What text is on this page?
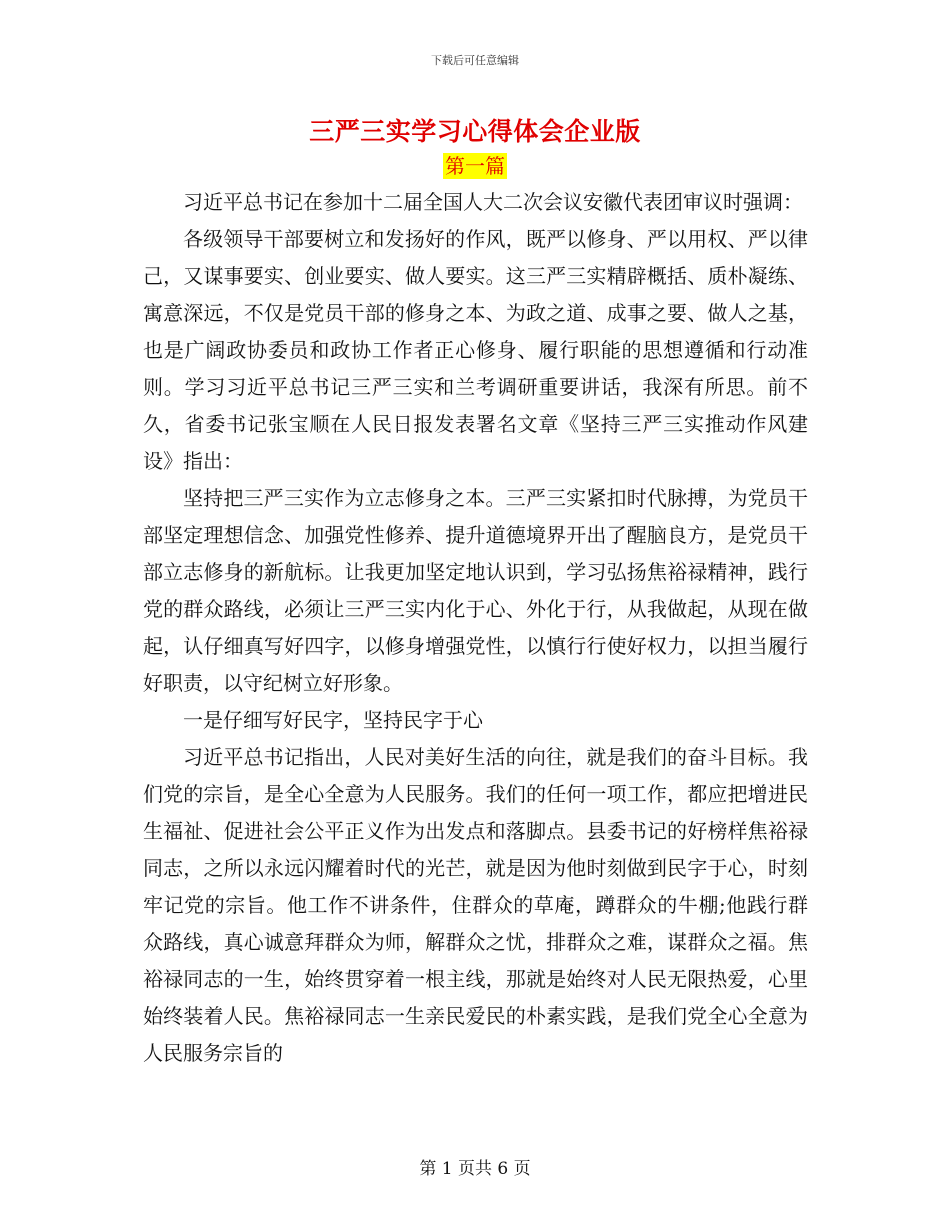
下载后可任意编辑
三严三实学习心得体会企业版
第一篇

习近平总书记在参加十二届全国人大二次会议安徽代表团审议时强调：

各级领导干部要树立和发扬好的作风，既严以修身、严以用权、严以律己，又谋事要实、创业要实、做人要实。这三严三实精辟概括、质朴凝练、寓意深远，不仅是党员干部的修身之本、为政之道、成事之要、做人之基，也是广阔政协委员和政协工作者正心修身、履行职能的思想遵循和行动准则。学习习近平总书记三严三实和兰考调研重要讲话，我深有所思。前不久，省委书记张宝顺在人民日报发表署名文章《坚持三严三实推动作风建设》指出：

坚持把三严三实作为立志修身之本。三严三实紧扣时代脉搏，为党员干部坚定理想信念、加强党性修养、提升道德境界开出了醒脑良方，是党员干部立志修身的新航标。让我更加坚定地认识到，学习弘扬焦裕禄精神，践行党的群众路线，必须让三严三实内化于心、外化于行，从我做起，从现在做起，认仔细真写好四字，以修身增强党性，以慎行行使好权力，以担当履行好职责，以守纪树立好形象。

一是仔细写好民字，坚持民字于心

习近平总书记指出，人民对美好生活的向往，就是我们的奋斗目标。我们党的宗旨，是全心全意为人民服务。我们的任何一项工作，都应把增进民生福祉、促进社会公平正义作为出发点和落脚点。县委书记的好榜样焦裕禄同志，之所以永远闪耀着时代的光芒，就是因为他时刻做到民字于心，时刻牢记党的宗旨。他工作不讲条件，住群众的草庵，蹲群众的牛棚;他践行群众路线，真心诚意拜群众为师，解群众之忧，排群众之难，谋群众之福。焦裕禄同志的一生，始终贯穿着一根主线，那就是始终对人民无限热爱，心里始终装着人民。焦裕禄同志一生亲民爱民的朴素实践，是我们党全心全意为人民服务宗旨的

第 1 页共 6 页
